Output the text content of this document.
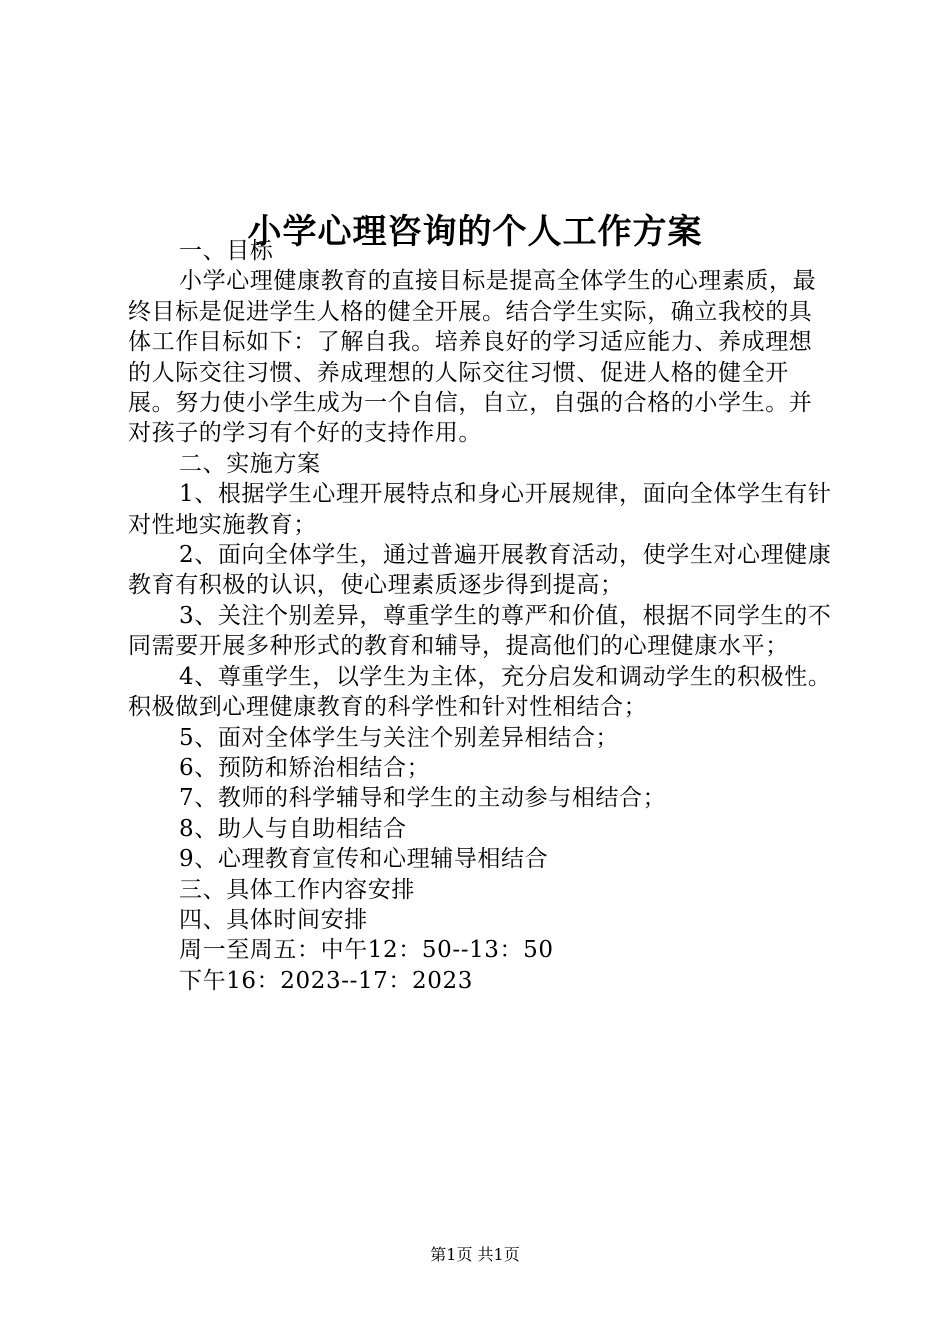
小学心理咨询的个人工作方案

一、目标

小学心理健康教育的直接目标是提高全体学生的心理素质，最终目标是促进学生人格的健全开展。结合学生实际，确立我校的具体工作目标如下：了解自我。培养良好的学习适应能力、养成理想的人际交往习惯、养成理想的人际交往习惯、促进人格的健全开展。努力使小学生成为一个自信，自立，自强的合格的小学生。并对孩子的学习有个好的支持作用。

二、实施方案

1、根据学生心理开展特点和身心开展规律，面向全体学生有针对性地实施教育；

2、面向全体学生，通过普遍开展教育活动，使学生对心理健康教育有积极的认识，使心理素质逐步得到提高；

3、关注个别差异，尊重学生的尊严和价值，根据不同学生的不同需要开展多种形式的教育和辅导，提高他们的心理健康水平；

4、尊重学生，以学生为主体，充分启发和调动学生的积极性。积极做到心理健康教育的科学性和针对性相结合；

5、面对全体学生与关注个别差异相结合；

6、预防和矫治相结合；

7、教师的科学辅导和学生的主动参与相结合；

8、助人与自助相结合

9、心理教育宣传和心理辅导相结合

三、具体工作内容安排

四、具体时间安排

周一至周五：中午12：50--13：50

下午16：2023--17：2023

第1页 共1页
